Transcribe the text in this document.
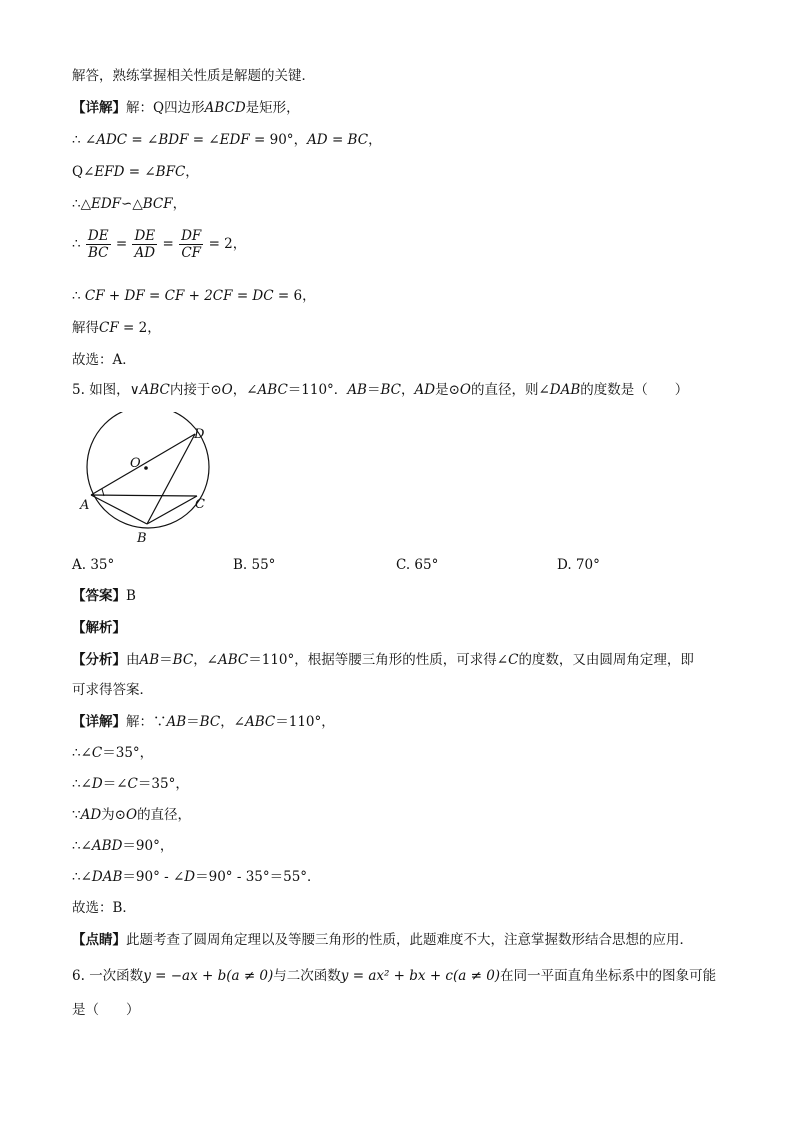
解答，熟练掌握相关性质是解题的关键．
【详解】解：Q四边形ABCD是矩形，
∴ ∠ADC = ∠BDF = ∠EDF = 90°，AD = BC，
Q∠EFD = ∠BFC，
∴△EDF∽△BCF，
∴ $\frac{DE}{BC} = \frac{DE}{AD} = \frac{DF}{CF} = 2$，
∴ CF + DF = CF + 2CF = DC = 6，
解得CF = 2，
故选：A．
5. 如图，∨ABC内接于⊙O，∠ABC＝110°．AB＝BC，AD是⊙O的直径，则∠DAB的度数是（　　）
O
D
A	C
B
A. 35°	B. 55°	C. 65°	D. 70°
【答案】B
【解析】
【分析】由AB＝BC，∠ABC＝110°，根据等腰三角形的性质，可求得∠C的度数，又由圆周角定理，即
可求得答案．
【详解】解：∵AB＝BC，∠ABC＝110°，
∴∠C＝35°，
∴∠D＝∠C＝35°，
∵AD为⊙O的直径，
∴∠ABD＝90°，
∴∠DAB＝90° - ∠D＝90° - 35°＝55°．
故选：B．
【点睛】此题考查了圆周角定理以及等腰三角形的性质，此题难度不大，注意掌握数形结合思想的应用．
6. 一次函数y = −ax + b(a ≠ 0)与二次函数y = ax² + bx + c(a ≠ 0)在同一平面直角坐标系中的图象可能
是（　　）
